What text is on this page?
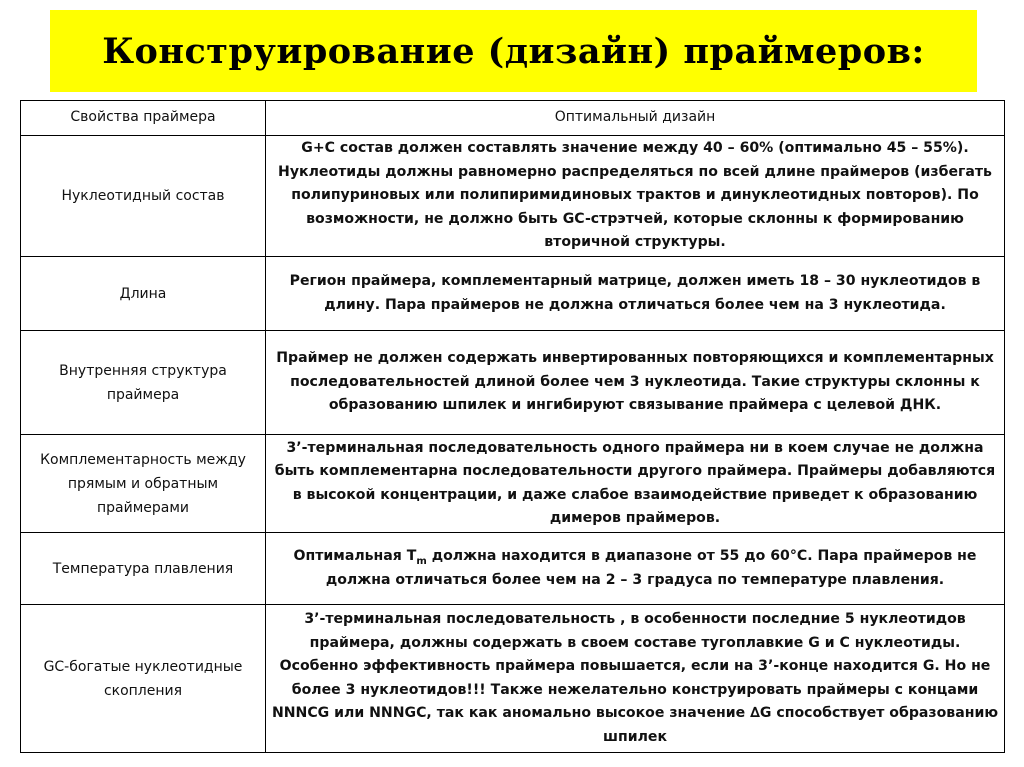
Конструирование (дизайн) праймеров:
Свойства праймера	Оптимальный дизайн
Нуклеотидный состав	G+C состав должен составлять значение между 40 – 60% (оптимально 45 – 55%). Нуклеотиды должны равномерно распределяться по всей длине праймеров (избегать полипуриновых или полипиримидиновых трактов и динуклеотидных повторов). По возможности, не должно быть GC-стрэтчей, которые склонны к формированию вторичной структуры.
Длина	Регион праймера, комплементарный матрице, должен иметь 18 – 30 нуклеотидов в длину. Пара праймеров не должна отличаться более чем на 3 нуклеотида.
Внутренняя структура праймера	Праймер не должен содержать инвертированных повторяющихся и комплементарных последовательностей длиной более чем 3 нуклеотида. Такие структуры склонны к образованию шпилек и ингибируют связывание праймера с целевой ДНК.
Комплементарность между прямым и обратным праймерами	3’-терминальная последовательность одного праймера ни в коем случае не должна быть комплементарна последовательности другого праймера. Праймеры добавляются в высокой концентрации, и даже слабое взаимодействие приведет к образованию димеров праймеров.
Температура плавления	Оптимальная $T_m$ должна находится в диапазоне от 55 до 60°C. Пара праймеров не должна отличаться более чем на 2 – 3 градуса по температуре плавления.
GC-богатые нуклеотидные скопления	3’-терминальная последовательность , в особенности последние 5 нуклеотидов праймера, должны содержать в своем составе тугоплавкие G и C нуклеотиды. Особенно эффективность праймера повышается, если на 3’-конце находится G. Но не более 3 нуклеотидов!!! Также нежелательно конструировать праймеры с концами NNNCG или NNNGC, так как аномально высокое значение ∆G способствует образованию шпилек
